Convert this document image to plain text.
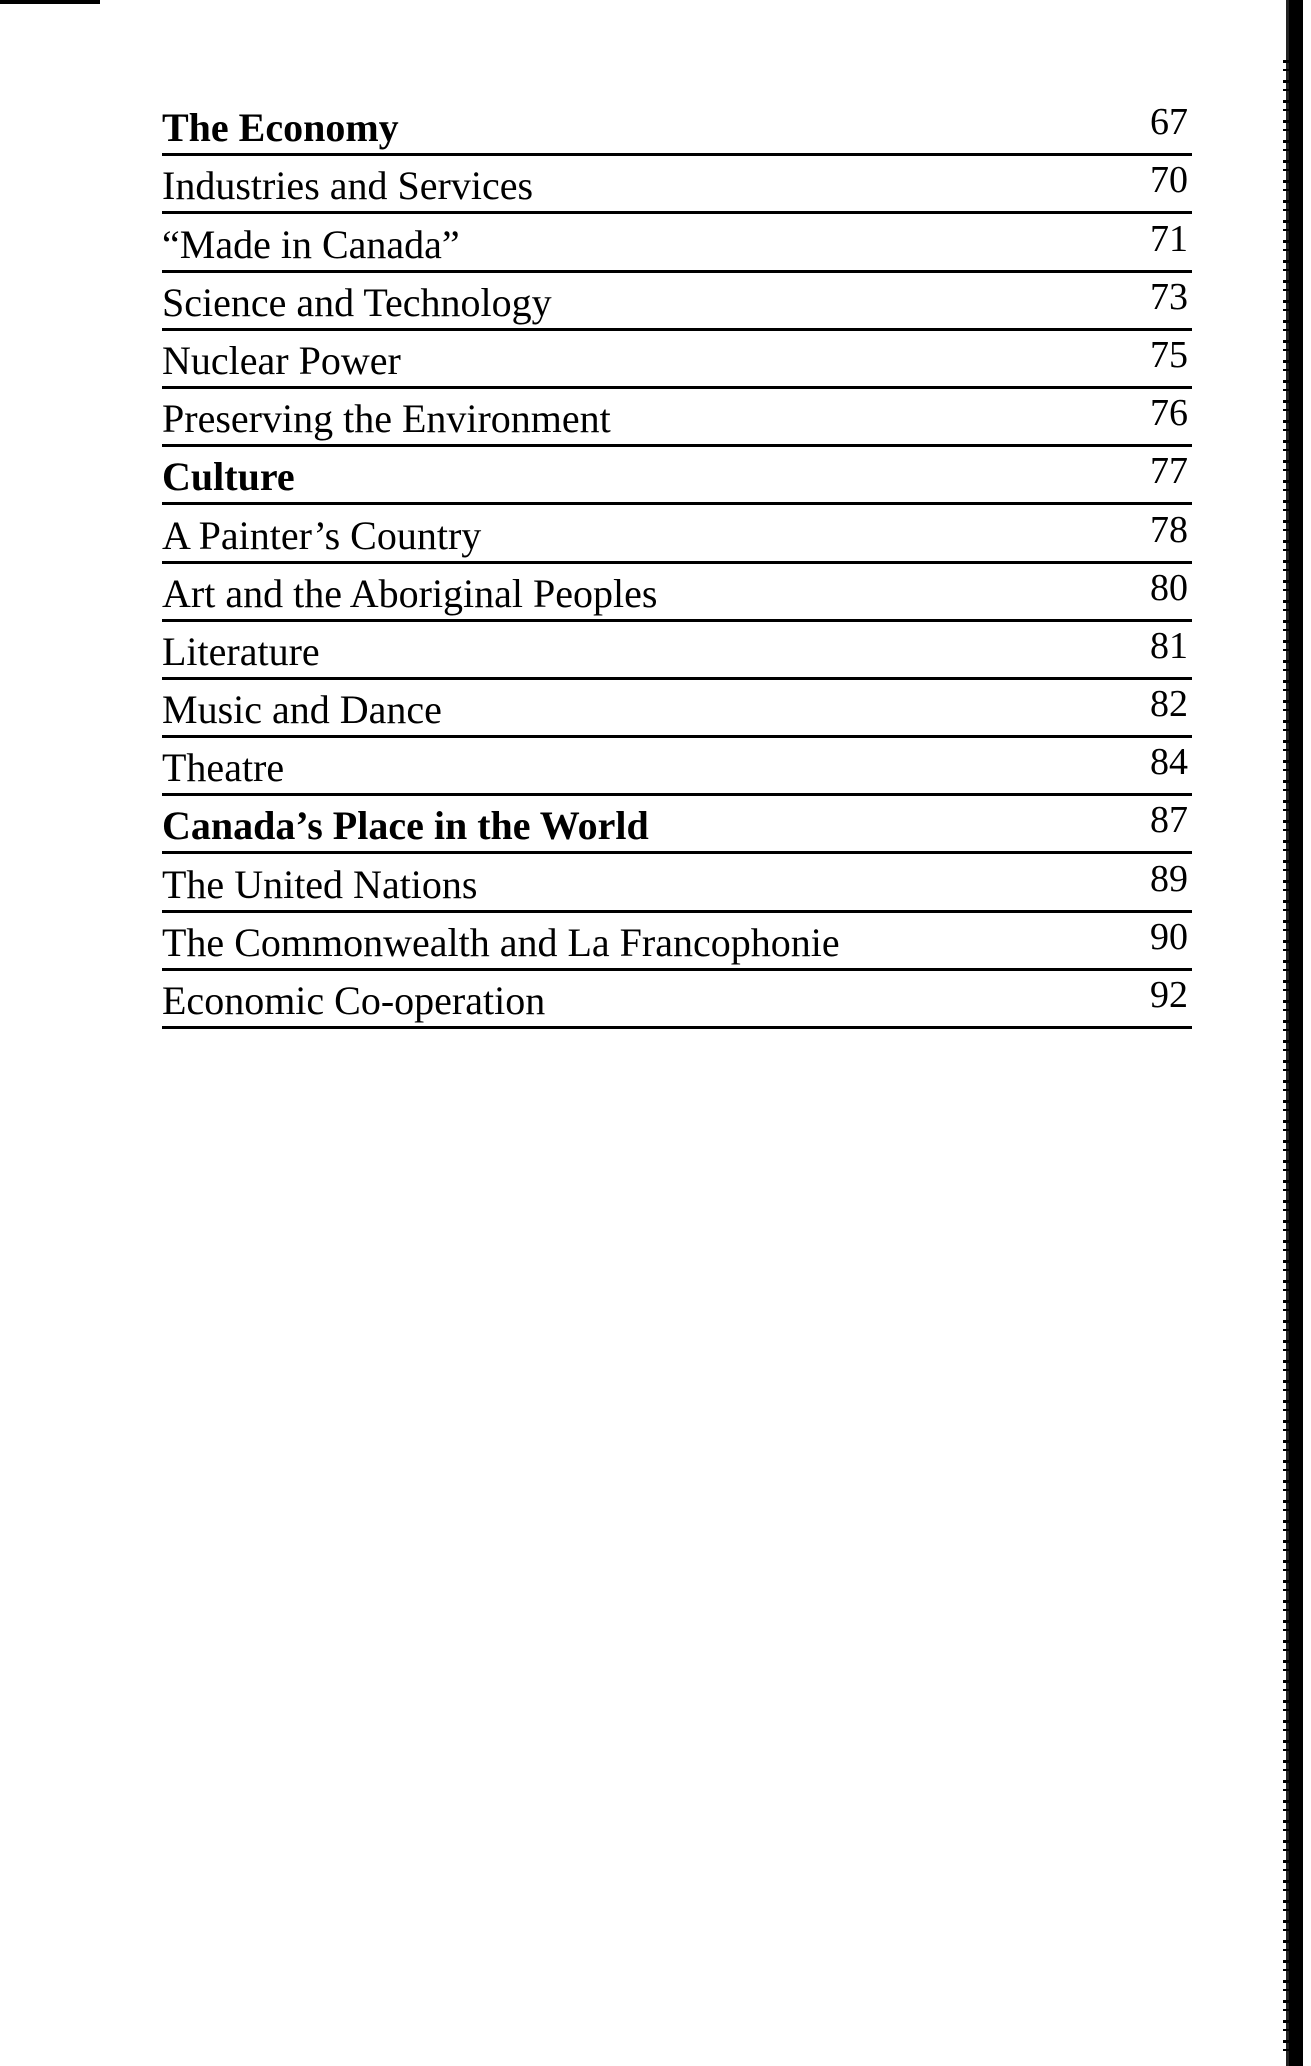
The Economy	67
Industries and Services	70
“Made in Canada”	71
Science and Technology	73
Nuclear Power	75
Preserving the Environment	76
Culture	77
A Painter’s Country	78
Art and the Aboriginal Peoples	80
Literature	81
Music and Dance	82
Theatre	84
Canada’s Place in the World	87
The United Nations	89
The Commonwealth and La Francophonie	90
Economic Co-operation	92
